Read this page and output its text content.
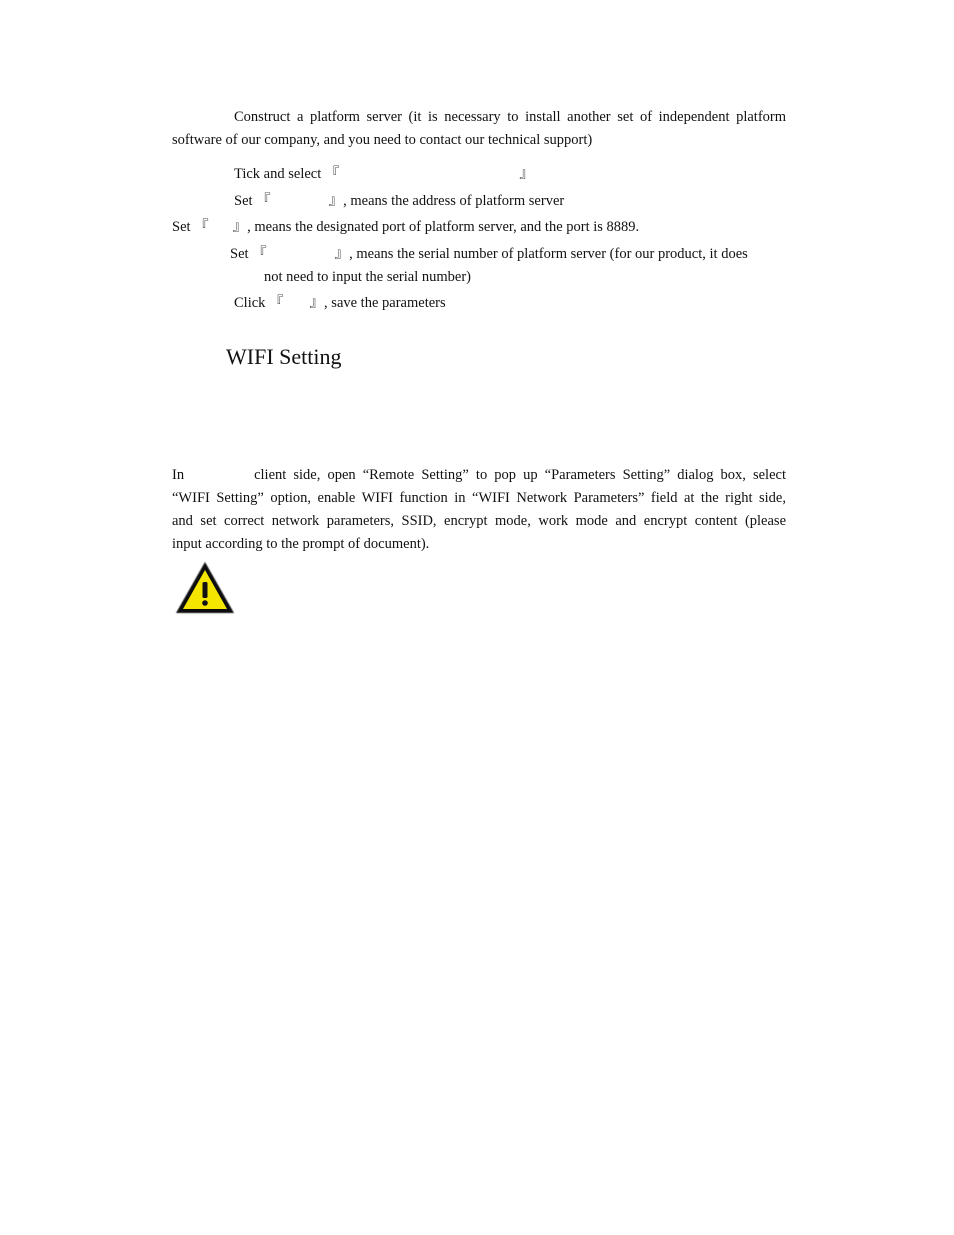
Construct a platform server (it is necessary to install another set of independent platform
software of our company, and you need to contact our technical support)
Tick and select 『	』
Set 『	』, means the address of platform server
Set 『 』, means the designated port of platform server, and the port is 8889.
Set 『	』, means the serial number of platform server (for our product, it does
not need to input the serial number)
Click 『 』, save the parameters
WIFI Setting
In	client side, open “Remote Setting” to pop up “Parameters Setting” dialog box, select
“WIFI Setting” option, enable WIFI function in “WIFI Network Parameters” field at the right side,
and set correct network parameters, SSID, encrypt mode, work mode and encrypt content (please
input according to the prompt of document).
